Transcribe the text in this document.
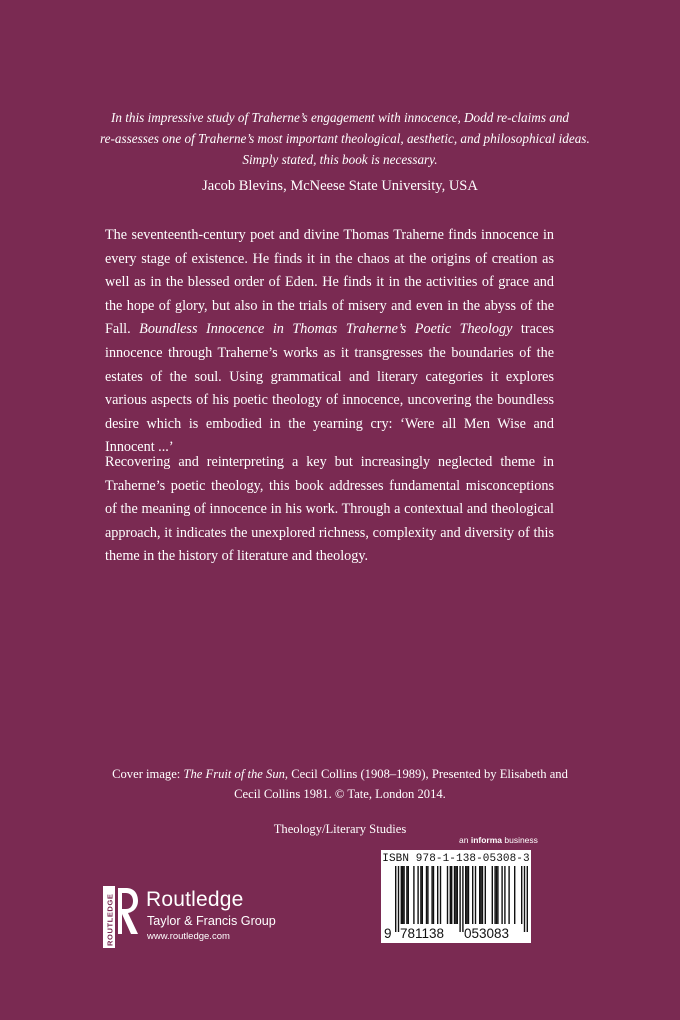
In this impressive study of Traherne’s engagement with innocence, Dodd re-claims and
re-assesses one of Traherne’s most important theological, aesthetic, and philosophical ideas.
Simply stated, this book is necessary.
Jacob Blevins, McNeese State University, USA

The seventeenth-century poet and divine Thomas Traherne finds innocence in every stage of existence. He finds it in the chaos at the origins of creation as well as in the blessed order of Eden. He finds it in the activities of grace and the hope of glory, but also in the trials of misery and even in the abyss of the Fall. Boundless Innocence in Thomas Traherne’s Poetic Theology traces innocence through Traherne’s works as it transgresses the boundaries of the estates of the soul. Using grammatical and literary categories it explores various aspects of his poetic theology of innocence, uncovering the boundless desire which is embodied in the yearning cry: ‘Were all Men Wise and Innocent ...’

Recovering and reinterpreting a key but increasingly neglected theme in Traherne’s poetic theology, this book addresses fundamental misconceptions of the meaning of innocence in his work. Through a contextual and theological approach, it indicates the unexplored richness, complexity and diversity of this theme in the history of literature and theology.

Cover image: The Fruit of the Sun, Cecil Collins (1908–1989), Presented by Elisabeth and
Cecil Collins 1981. © Tate, London 2014.
Theology/Literary Studies
an informa business
ROUTLEDGE Routledge
Taylor & Francis Group
www.routledge.com
ISBN 978-1-138-05308-3
9 781138 053083
